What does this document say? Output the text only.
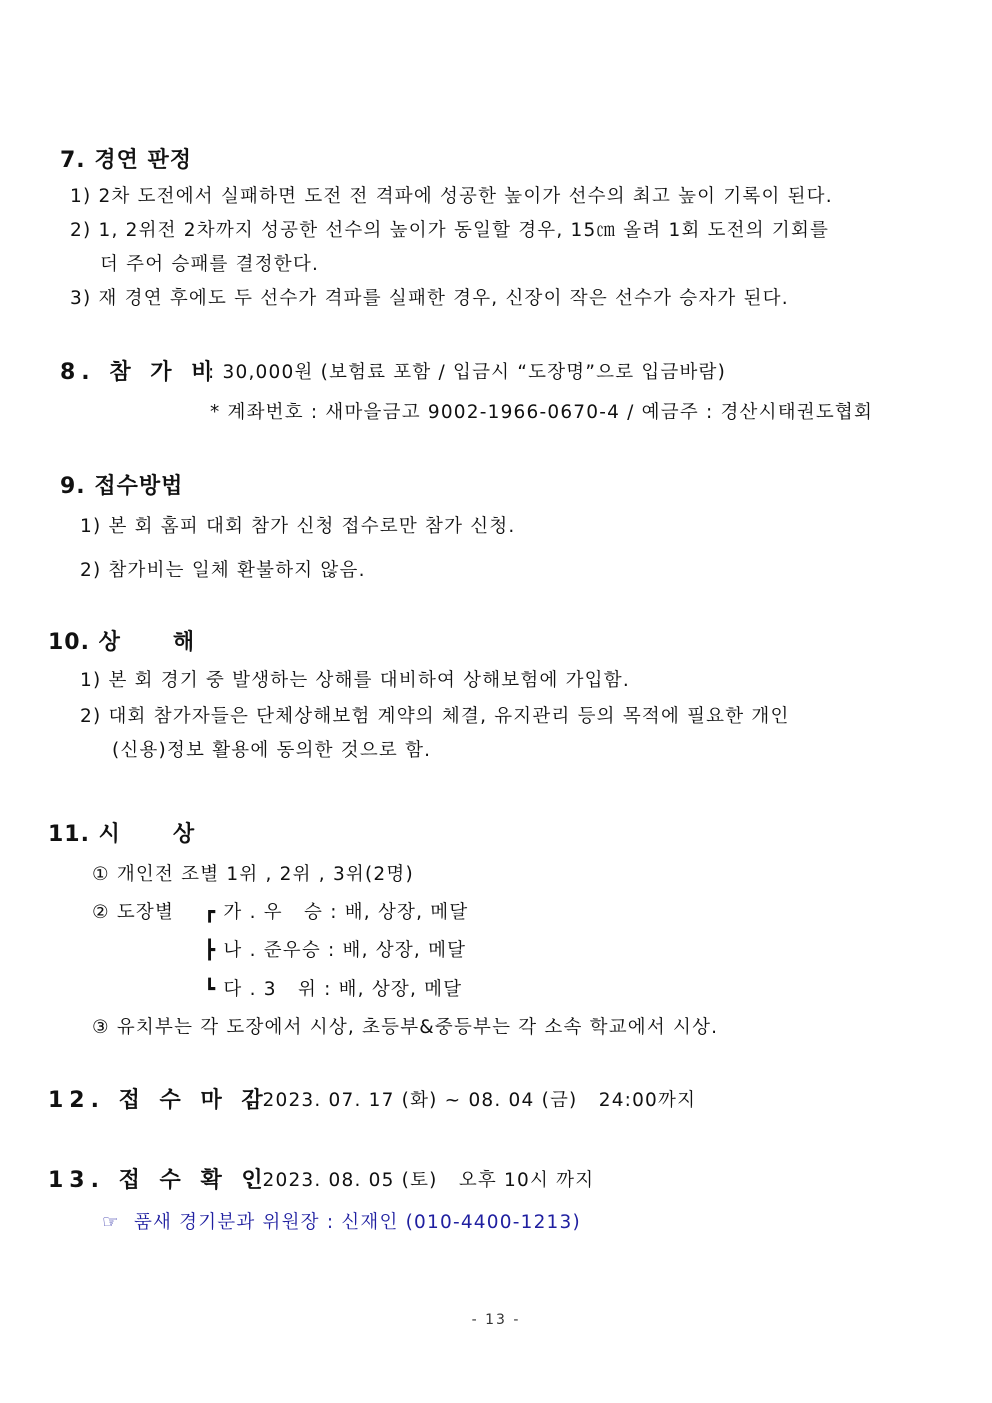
7. 경연 판정
1) 2차 도전에서 실패하면 도전 전 격파에 성공한 높이가 선수의 최고 높이 기록이 된다.
2) 1, 2위전 2차까지 성공한 선수의 높이가 동일할 경우, 15㎝ 올려 1회 도전의 기회를
더 주어 승패를 결정한다.
3) 재 경연 후에도 두 선수가 격파를 실패한 경우, 신장이 작은 선수가 승자가 된다.
8. 참 가 비
: 30,000원 (보험료 포함 / 입금시 “도장명”으로 입금바람)
* 계좌번호 : 새마을금고 9002-1966-0670-4 / 예금주 : 경산시태권도협회
9. 접수방법
1) 본 회 홈피 대회 참가 신청 접수로만 참가 신청.
2) 참가비는 일체 환불하지 않음.
10. 상      해
1) 본 회 경기 중 발생하는 상해를 대비하여 상해보험에 가입함.
2) 대회 참가자들은 단체상해보험 계약의 체결, 유지관리 등의 목적에 필요한 개인
(신용)정보 활용에 동의한 것으로 함.
11. 시      상
① 개인전 조별 1위 , 2위 , 3위(2명)
② 도장별 ┏ 가 . 우   승 : 배, 상장, 메달
┣ 나 . 준우승 : 배, 상장, 메달
┗ 다 . 3   위 : 배, 상장, 메달
③ 유치부는 각 도장에서 시상, 초등부&중등부는 각 소속 학교에서 시상.
12. 접 수 마 감
: 2023. 07. 17 (화) ~ 08. 04 (금)   24:00까지
13. 접 수 확 인
: 2023. 08. 05 (토)   오후 10시 까지
☞  품새 경기분과 위원장 : 신재인 (010-4400-1213)
- 13 -
